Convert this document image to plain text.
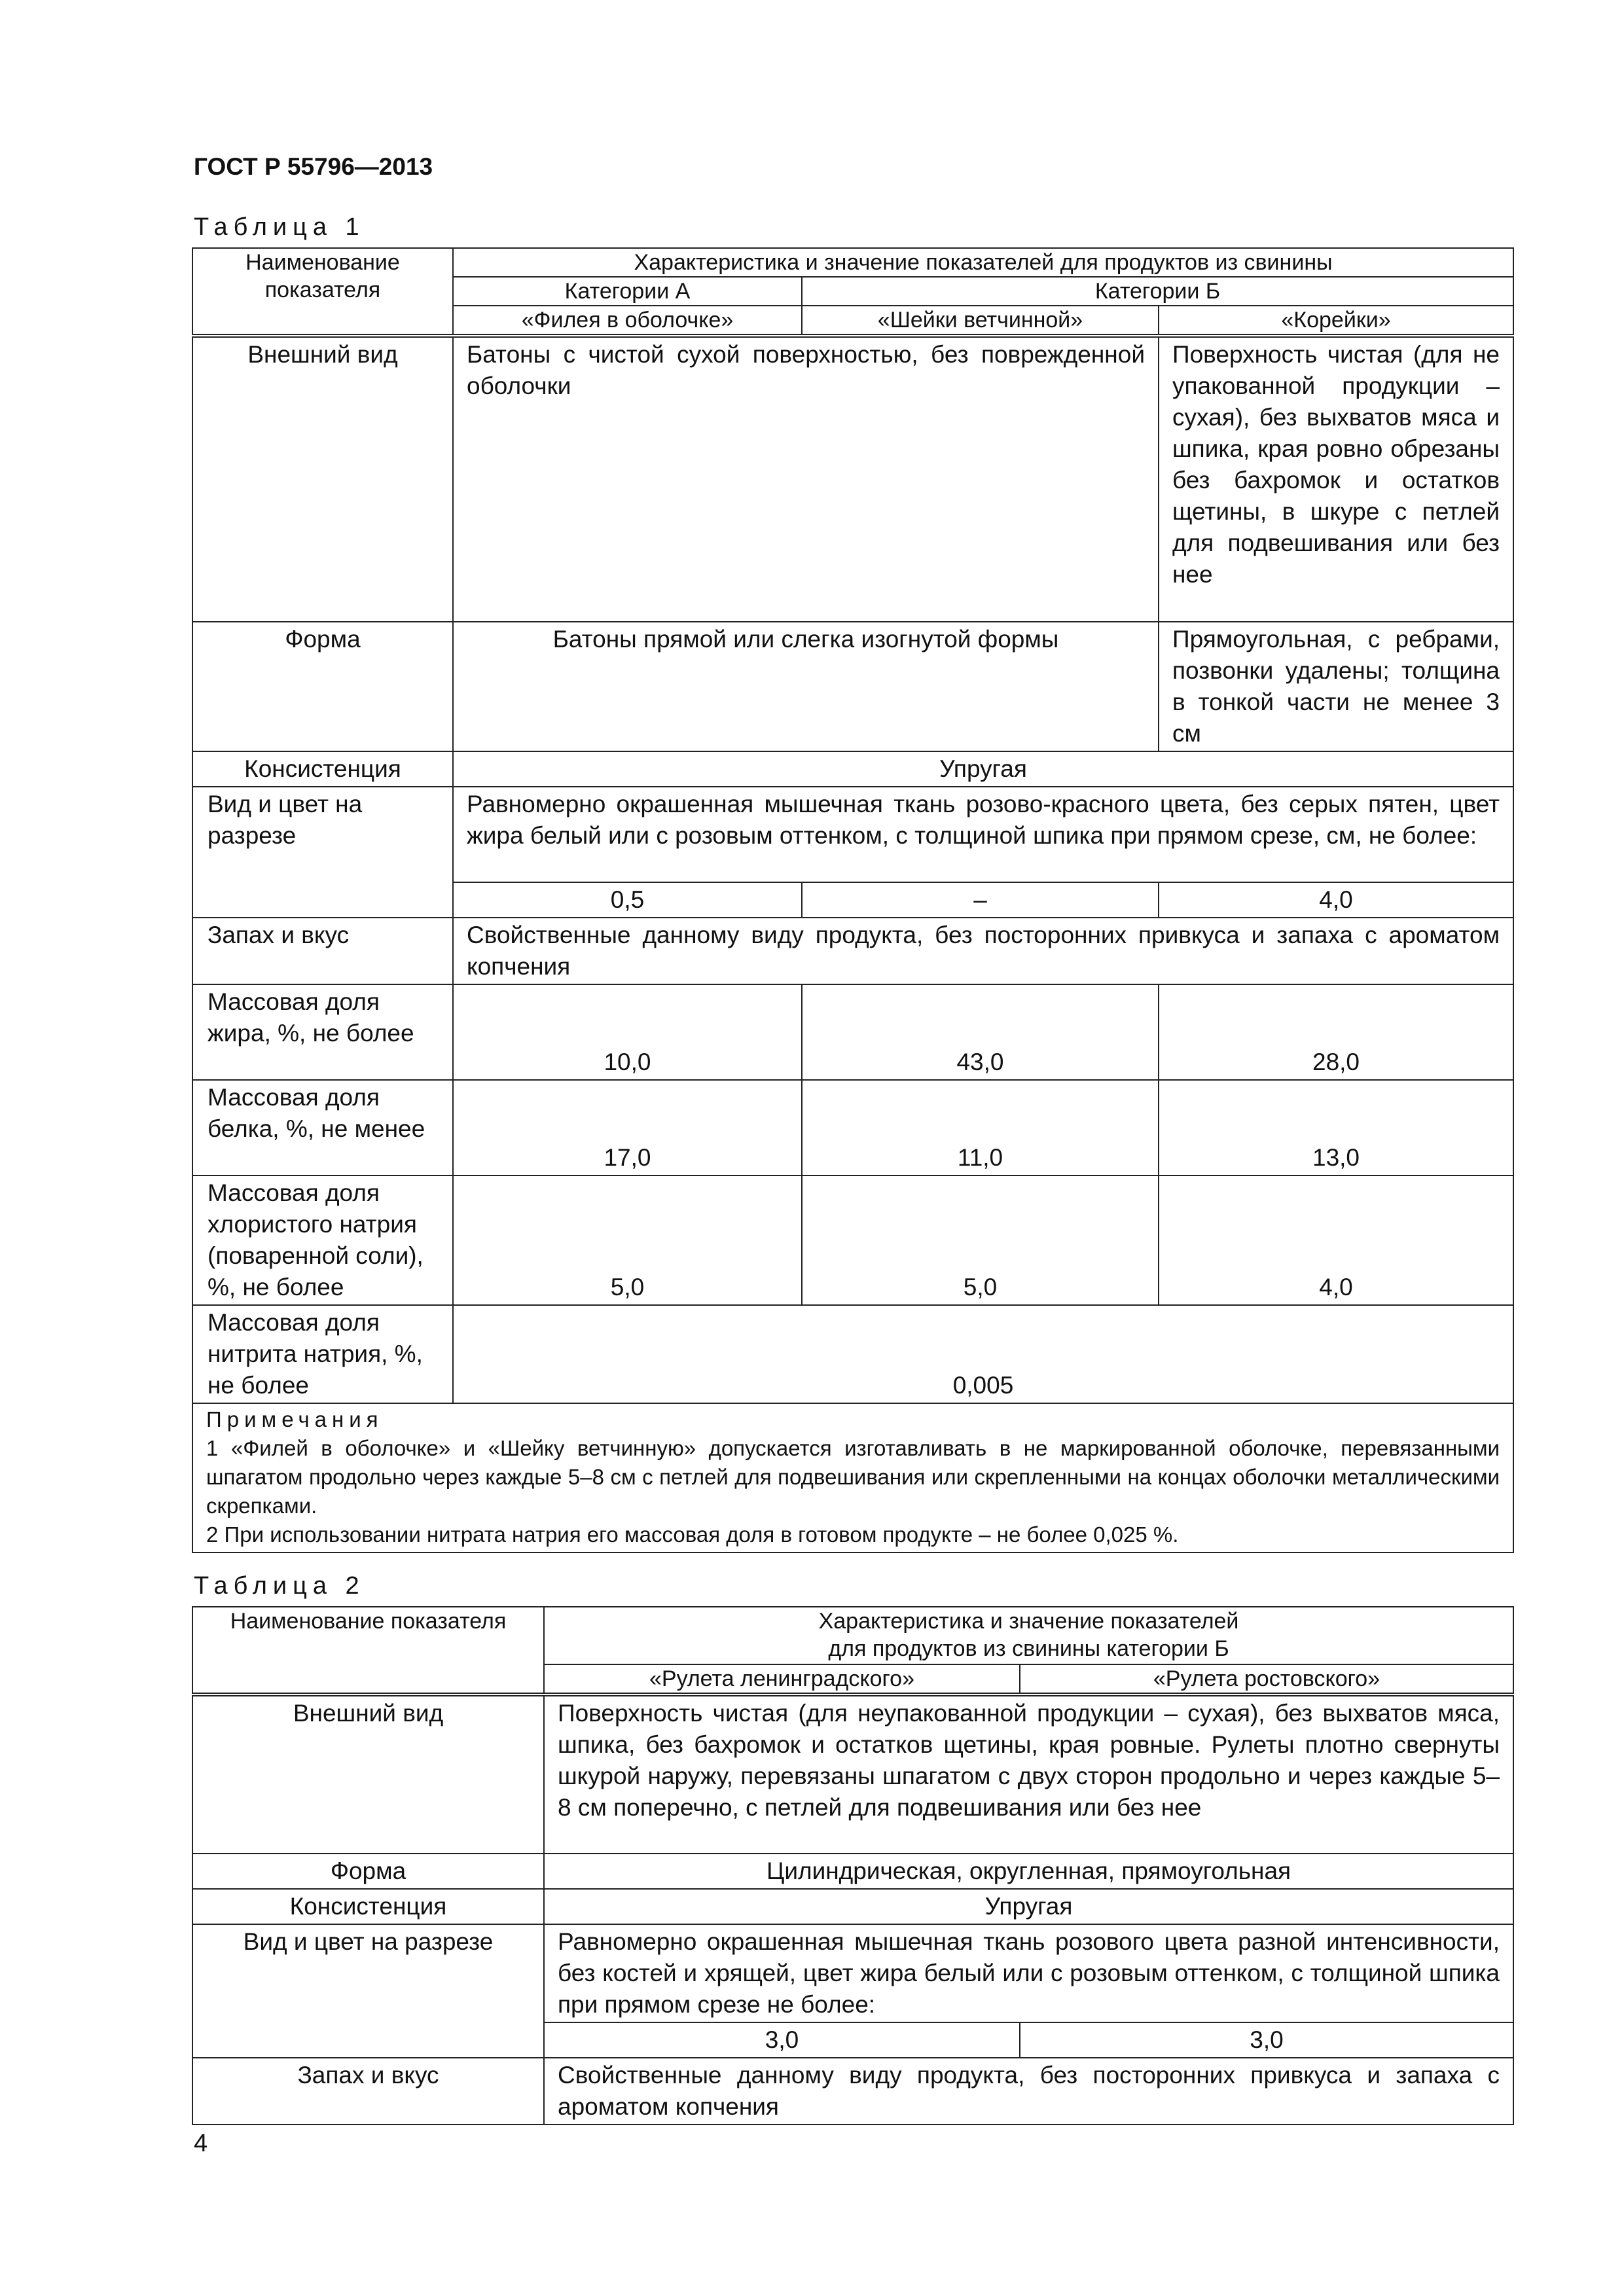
ГОСТ Р 55796—2013
Таблица 1
Наименование показателя	Характеристика и значение показателей для продуктов из свинины		
	Категории А	Категории Б	
	«Филея в оболочке»	«Шейки ветчинной»	«Корейки»
Внешний вид	Батоны с чистой сухой поверхностью, без поврежденной оболочки		Поверхность чистая (для не упакованной продукции – сухая), без выхватов мяса и шпика, края ровно обрезаны без бахромок и остатков щетины, в шкуре с петлей для подвешивания или без нее
Форма	Батоны прямой или слегка изогнутой формы		Прямоугольная, с ребрами, позвонки удалены; толщина в тонкой части не менее 3 см
Консистенция	Упругая		
Вид и цвет на разрезе	Равномерно окрашенная мышечная ткань розово-красного цвета, без серых пятен, цвет жира белый или с розовым оттенком, с толщиной шпика при прямом срезе, см, не более:		
	0,5	–	4,0
Запах и вкус	Свойственные данному виду продукта, без посторонних привкуса и запаха с ароматом копчения		
Массовая доля жира, %, не более	10,0	43,0	28,0
Массовая доля белка, %, не менее	17,0	11,0	13,0
Массовая доля хлористого натрия (поваренной соли), %, не более	5,0	5,0	4,0
Массовая доля нитрита натрия, %, не более	0,005		

Примечания
1 «Филей в оболочке» и «Шейку ветчинную» допускается изготавливать в не маркированной оболочке, перевязанными шпагатом продольно через каждые 5–8 см с петлей для подвешивания или скрепленными на концах оболочки металлическими скрепками.
2 При использовании нитрата натрия его массовая доля в готовом продукте – не более 0,025 %.			
Таблица 2
Наименование показателя	Характеристика и значение показателей
для продуктов из свинины категории Б	

	«Рулета ленинградского»	«Рулета ростовского»
Внешний вид	Поверхность чистая (для неупакованной продукции – сухая), без выхватов мяса, шпика, без бахромок и остатков щетины, края ровные. Рулеты плотно свернуты шкурой наружу, перевязаны шпагатом с двух сторон продольно и через каждые 5–8 см поперечно, с петлей для подвешивания или без нее	
Форма	Цилиндрическая, округленная, прямоугольная	
Консистенция	Упругая	
Вид и цвет на разрезе	Равномерно окрашенная мышечная ткань розового цвета разной интенсивности, без костей и хрящей, цвет жира белый или с розовым оттенком, с толщиной шпика при прямом срезе не более:	
	3,0	3,0
Запах и вкус	Свойственные данному виду продукта, без посторонних привкуса и запаха с ароматом копчения	
4
